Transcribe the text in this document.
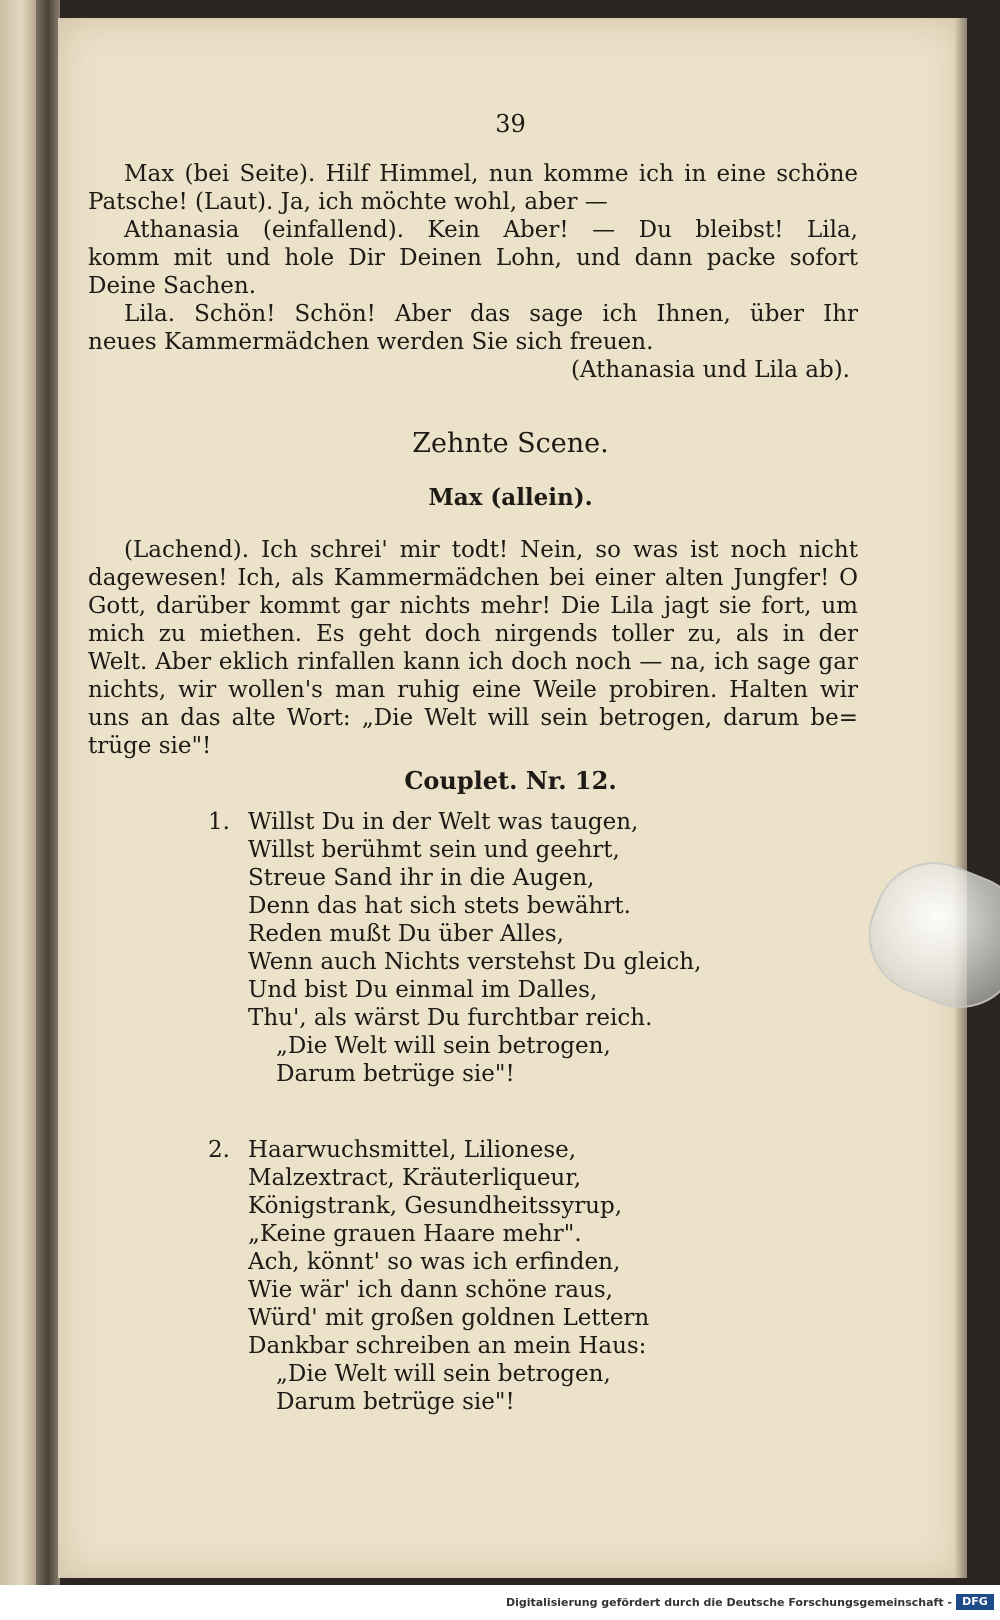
39
Max (bei Seite). Hilf Himmel, nun komme ich in eine schöne
Patsche! (Laut). Ja, ich möchte wohl, aber —
Athanasia (einfallend). Kein Aber! — Du bleibst! Lila,
komm mit und hole Dir Deinen Lohn, und dann packe sofort
Deine Sachen.
Lila. Schön! Schön! Aber das sage ich Ihnen, über Ihr
neues Kammermädchen werden Sie sich freuen.
(Athanasia und Lila ab).
Zehnte Scene.
Max (allein).
(Lachend). Ich schrei' mir todt! Nein, so was ist noch nicht
dagewesen! Ich, als Kammermädchen bei einer alten Jungfer! O
Gott, darüber kommt gar nichts mehr! Die Lila jagt sie fort, um
mich zu miethen. Es geht doch nirgends toller zu, als in der
Welt. Aber eklich rinfallen kann ich doch noch — na, ich sage gar
nichts, wir wollen's man ruhig eine Weile probiren. Halten wir
uns an das alte Wort: „Die Welt will sein betrogen, darum be=
trüge sie"!
Couplet. Nr. 12.
1. Willst Du in der Welt was taugen,
Willst berühmt sein und geehrt,
Streue Sand ihr in die Augen,
Denn das hat sich stets bewährt.
Reden mußt Du über Alles,
Wenn auch Nichts verstehst Du gleich,
Und bist Du einmal im Dalles,
Thu', als wärst Du furchtbar reich.
„Die Welt will sein betrogen,
Darum betrüge sie"!
2. Haarwuchsmittel, Lilionese,
Malzextract, Kräuterliqueur,
Königstrank, Gesundheitssyrup,
„Keine grauen Haare mehr".
Ach, könnt' so was ich erfinden,
Wie wär' ich dann schöne raus,
Würd' mit großen goldnen Lettern
Dankbar schreiben an mein Haus:
„Die Welt will sein betrogen,
Darum betrüge sie"!
Digitalisierung gefördert durch die Deutsche Forschungsgemeinschaft - DFG
